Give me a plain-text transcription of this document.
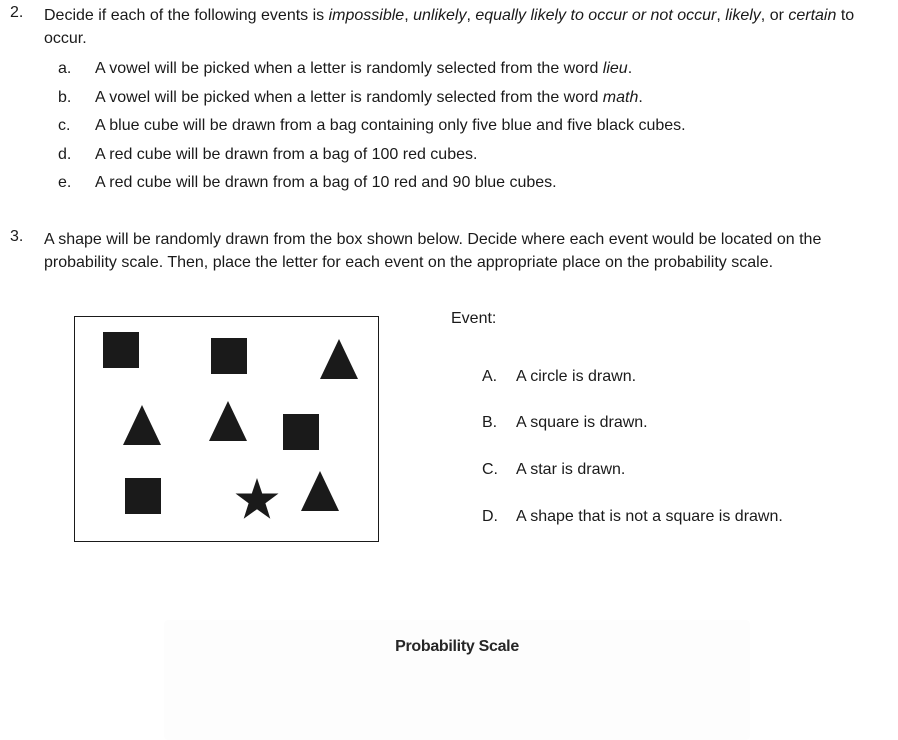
2. Decide if each of the following events is impossible, unlikely, equally likely to occur or not occur, likely, or certain to occur.
a.	A vowel will be picked when a letter is randomly selected from the word lieu.
b.	A vowel will be picked when a letter is randomly selected from the word math.
c.	A blue cube will be drawn from a bag containing only five blue and five black cubes.
d.	A red cube will be drawn from a bag of 100 red cubes.
e.	A red cube will be drawn from a bag of 10 red and 90 blue cubes.
3. A shape will be randomly drawn from the box shown below. Decide where each event would be located on the probability scale. Then, place the letter for each event on the appropriate place on the probability scale.
Event:
A. A circle is drawn.
B. A square is drawn.
C. A star is drawn.
D. A shape that is not a square is drawn.
Probability Scale
